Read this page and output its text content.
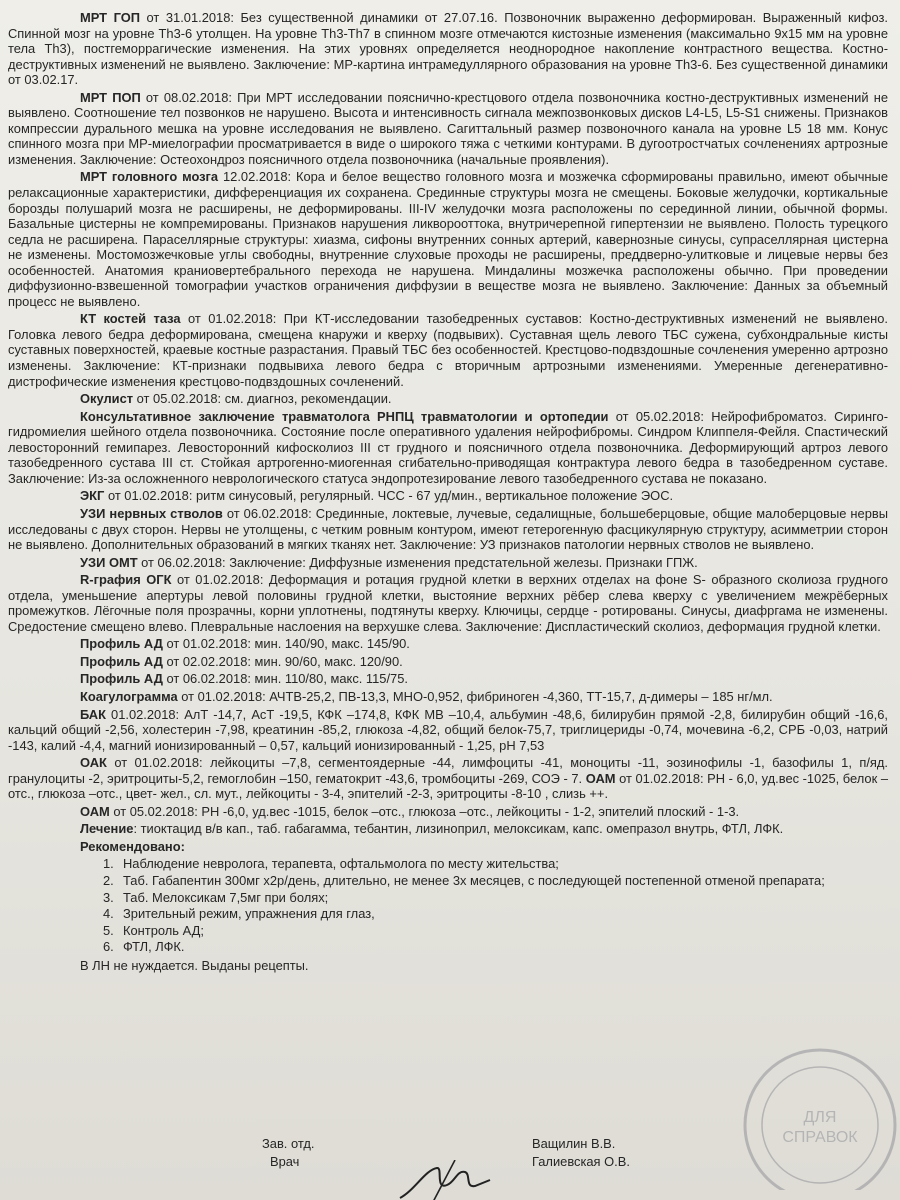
МРТ ГОП от 31.01.2018: Без существенной динамики от 27.07.16. Позвоночник выраженно деформирован. Выраженный кифоз. Спинной мозг на уровне Th3-6 утолщен. На уровне Th3-Th7 в спинном мозге отмечаются кистозные изменения (максимально 9х15 мм на уровне тела Th3), постгеморрагические изменения. На этих уровнях определяется неоднородное накопление контрастного вещества. Костно-деструктивных изменений не выявлено. Заключение: МР-картина интрамедуллярного образования на уровне Th3-6. Без существенной динамики от 03.02.17.

МРТ ПОП от 08.02.2018: При МРТ исследовании пояснично-крестцового отдела позвоночника костно-деструктивных изменений не выявлено. Соотношение тел позвонков не нарушено. Высота и интенсивность сигнала межпозвонковых дисков L4-L5, L5-S1 снижены. Признаков компрессии дурального мешка на уровне исследования не выявлено. Сагиттальный размер позвоночного канала на уровне L5 18 мм. Конус спинного мозга при МР-миелографии просматривается в виде о широкого тяжа с четкими контурами. В дугоотростчатых сочленениях артрозные изменения. Заключение: Остеохондроз поясничного отдела позвоночника (начальные проявления).

МРТ головного мозга 12.02.2018: Кора и белое вещество головного мозга и мозжечка сформированы правильно, имеют обычные релаксационные характеристики, дифференциация их сохранена. Срединные структуры мозга не смещены. Боковые желудочки, кортикальные борозды полушарий мозга не расширены, не деформированы. III-IV желудочки мозга расположены по серединной линии, обычной формы. Базальные цистерны не компремированы. Признаков нарушения ликворооттока, внутричерепной гипертензии не выявлено. Полость турецкого седла не расширена. Параселлярные структуры: хиазма, сифоны внутренних сонных артерий, кавернозные синусы, супраселлярная цистерна не изменены. Мостомозжечковые углы свободны, внутренние слуховые проходы не расширены, преддверно-улитковые и лицевые нервы без особенностей. Анатомия краниовертебрального перехода не нарушена. Миндалины мозжечка расположены обычно. При проведении диффузионно-взвешенной томографии участков ограничения диффузии в веществе мозга не выявлено. Заключение: Данных за объемный процесс не выявлено.

КТ костей таза от 01.02.2018: При КТ-исследовании тазобедренных суставов: Костно-деструктивных изменений не выявлено. Головка левого бедра деформирована, смещена кнаружи и кверху (подвывих). Суставная щель левого ТБС сужена, субхондральные кисты суставных поверхностей, краевые костные разрастания. Правый ТБС без особенностей. Крестцово-подвздошные сочленения умеренно артрозно изменены. Заключение: КТ-признаки подвывиха левого бедра с вторичным артрозными изменениями. Умеренные дегенеративно-дистрофические изменения крестцово-подвздошных сочленений.

Окулист от 05.02.2018: см. диагноз, рекомендации.

Консультативное заключение травматолога РНПЦ травматологии и ортопедии от 05.02.2018: Нейрофиброматоз. Сиринго-гидромиелия шейного отдела позвоночника. Состояние после оперативного удаления нейрофибромы. Синдром Клиппеля-Фейля. Спастический левосторонний гемипарез. Левосторонний кифосколиоз III ст грудного и поясничного отдела позвоночника. Деформирующий артроз левого тазобедренного сустава III ст. Стойкая артрогенно-миогенная сгибательно-приводящая контрактура левого бедра в тазобедренном суставе. Заключение: Из-за осложненного неврологического статуса эндопротезирование левого тазобедренного сустава не показано.

ЭКГ от 01.02.2018: ритм синусовый, регулярный. ЧСС - 67 уд/мин., вертикальное положение ЭОС.

УЗИ нервных стволов от 06.02.2018: Срединные, локтевые, лучевые, седалищные, большеберцовые, общие малоберцовые нервы исследованы с двух сторон. Нервы не утолщены, с четким ровным контуром, имеют гетерогенную фасцикулярную структуру, асимметрии сторон не выявлено. Дополнительных образований в мягких тканях нет. Заключение: УЗ признаков патологии нервных стволов не выявлено.

УЗИ ОМТ от 06.02.2018: Заключение: Диффузные изменения предстательной железы. Признаки ГПЖ.

R-графия ОГК от 01.02.2018: Деформация и ротация грудной клетки в верхних отделах на фоне S- образного сколиоза грудного отдела, уменьшение апертуры левой половины грудной клетки, выстояние верхних рёбер слева кверху с увеличением межрёберных промежутков. Лёгочные поля прозрачны, корни уплотнены, подтянуты кверху. Ключицы, сердце - ротированы. Синусы, диафргама не изменены. Средостение смещено влево. Плевральные наслоения на верхушке слева. Заключение: Диспластический сколиоз, деформация грудной клетки.

Профиль АД от 01.02.2018: мин. 140/90, макс. 145/90.

Профиль АД от 02.02.2018: мин. 90/60, макс. 120/90.

Профиль АД от 06.02.2018: мин. 110/80, макс. 115/75.

Коагулограмма от 01.02.2018: АЧТВ-25,2, ПВ-13,3, МНО-0,952, фибриноген -4,360, ТТ-15,7, д-димеры – 185 нг/мл.

БАК 01.02.2018: АлТ -14,7, АсТ -19,5, КФК –174,8, КФК МВ –10,4, альбумин -48,6, билирубин прямой -2,8, билирубин общий -16,6, кальций общий -2,56, холестерин -7,98, креатинин -85,2, глюкоза -4,82, общий белок-75,7, триглицериды -0,74, мочевина -6,2, СРБ -0,03, натрий -143, калий -4,4, магний ионизированный – 0,57, кальций ионизированный - 1,25, рН 7,53

ОАК от 01.02.2018: лейкоциты –7,8, сегментоядерные -44, лимфоциты -41, моноциты -11, эозинофилы -1, базофилы 1, п/яд. гранулоциты -2, эритроциты-5,2, гемоглобин –150, гематокрит -43,6, тромбоциты -269, СОЭ - 7. ОАМ от 01.02.2018: РН - 6,0, уд.вес -1025, белок –отс., глюкоза –отс., цвет- жел., сл. мут., лейкоциты - 3-4, эпителий -2-3, эритроциты -8-10 , слизь ++.

ОАМ от 05.02.2018: РН -6,0, уд.вес -1015, белок –отс., глюкоза –отс., лейкоциты - 1-2, эпителий плоский - 1-3.

Лечение: тиоктацид в/в кап., таб. габагамма, тебантин, лизиноприл, мелоксикам, капс. омепразол внутрь, ФТЛ, ЛФК.

Рекомендовано:

1. Наблюдение невролога, терапевта, офтальмолога по месту жительства;
2. Таб. Габапентин 300мг х2р/день, длительно, не менее 3х месяцев, с последующей постепенной отменой препарата;
3. Таб. Мелоксикам 7,5мг при болях;
4. Зрительный режим, упражнения для глаз,
5. Контроль АД;
6. ФТЛ, ЛФК.

В ЛН не нуждается. Выданы рецепты.

ДЛЯ
СПРАВОК
Зав. отд.
Врач
Ващилин В.В.
Галиевская О.В.
